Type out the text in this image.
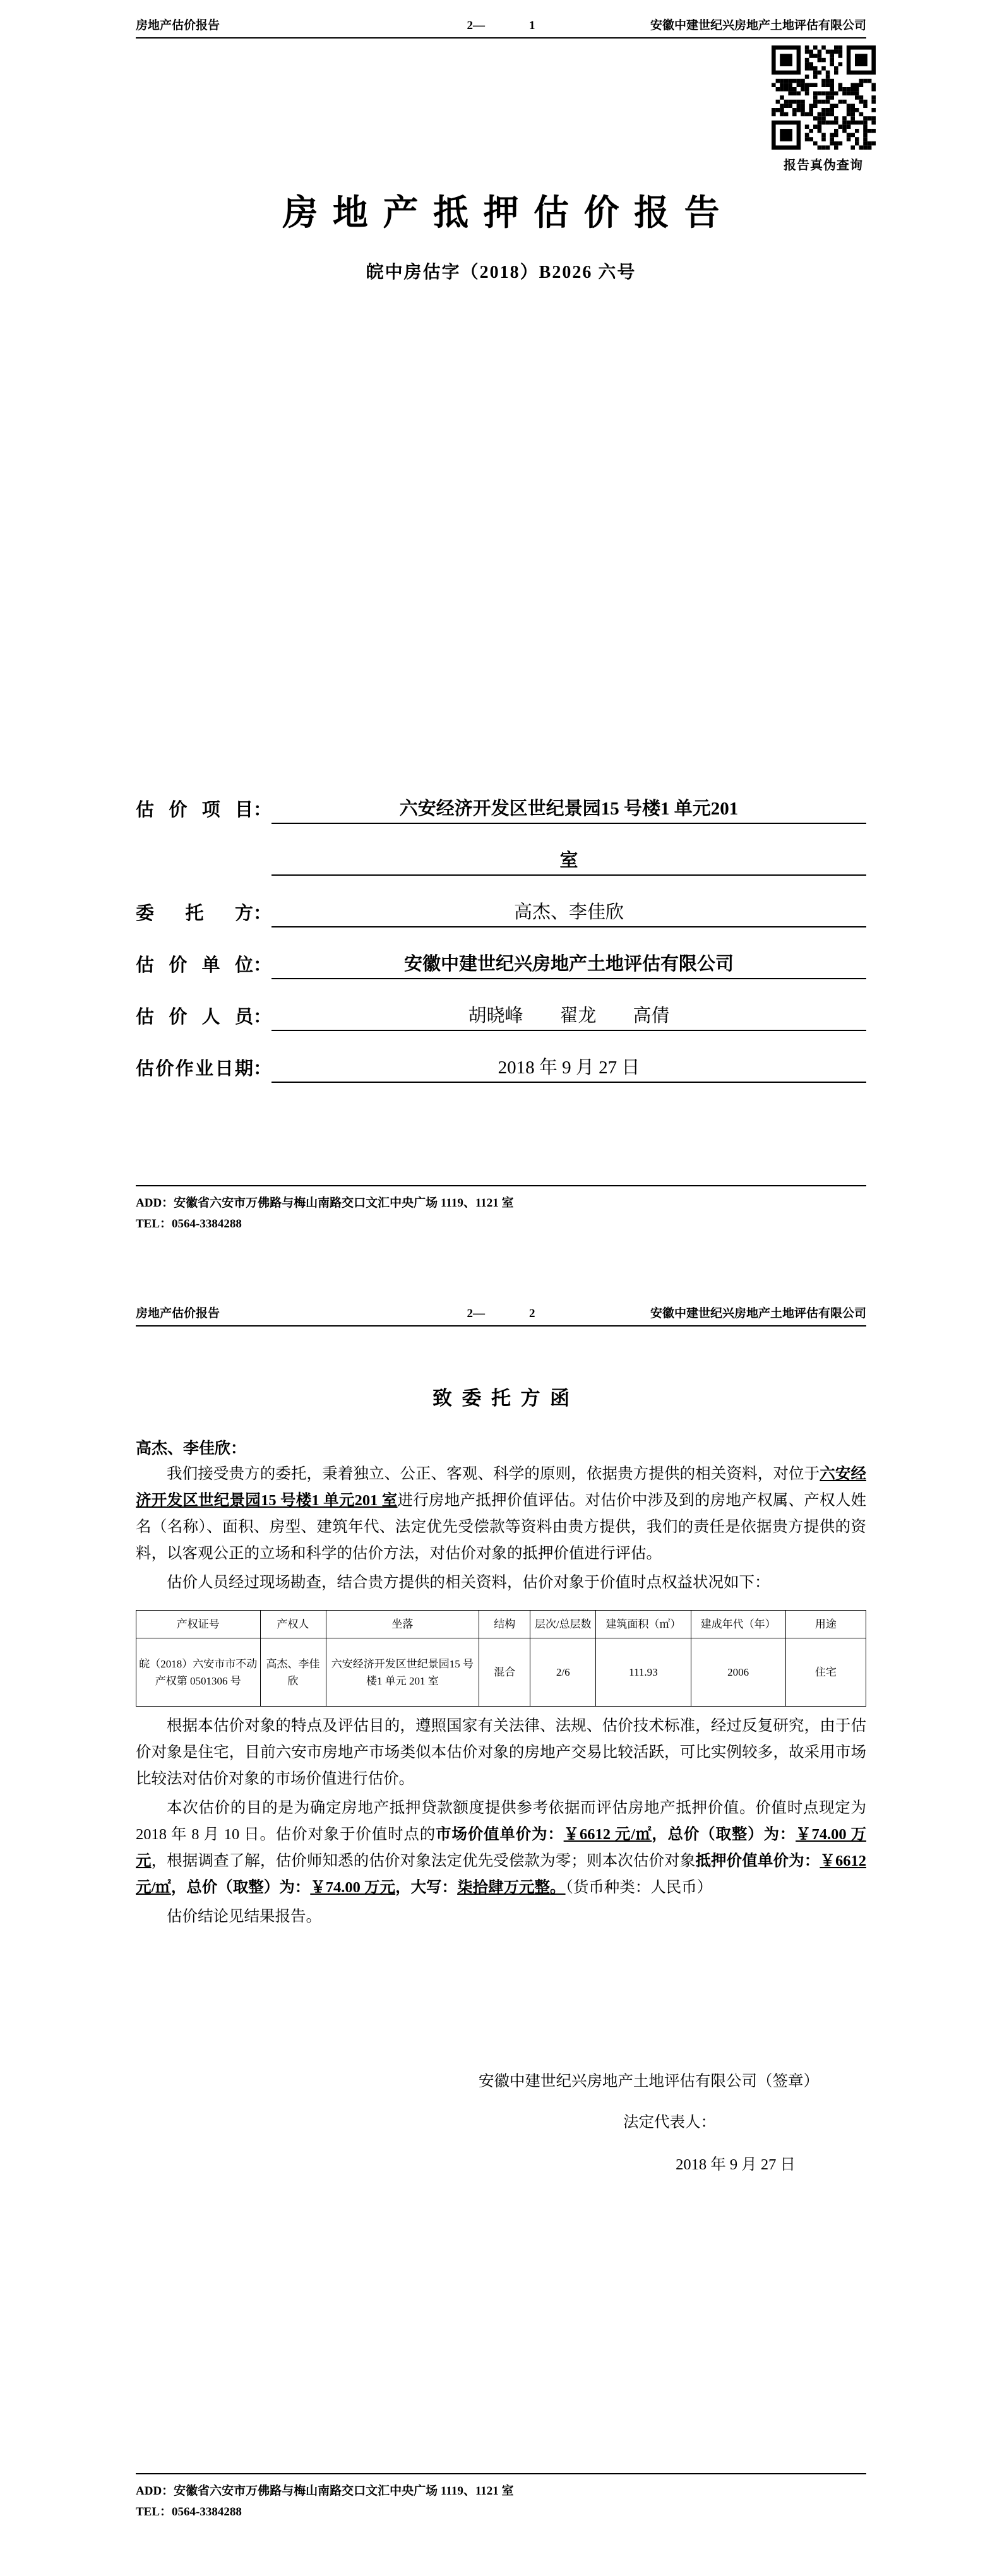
房地产估价报告	2—	1	安徽中建世纪兴房地产土地评估有限公司
报告真伪查询
房地产抵押估价报告
皖中房估字（2018）B2026 六号
估价项目 ：	六安经济开发区世纪景园15 号楼1 单元201
室
委托方 ：	高杰、李佳欣
估价单位 ：	安徽中建世纪兴房地产土地评估有限公司
估价人员 ：	胡晓峰　　翟龙　　高倩
估价作业日期 ：	2018 年 9 月 27 日
ADD：安徽省六安市万佛路与梅山南路交口文汇中央广场 1119、1121 室
TEL：0564-3384288
房地产估价报告	2—	2	安徽中建世纪兴房地产土地评估有限公司
致委托方函
高杰、李佳欣：

我们接受贵方的委托，秉着独立、公正、客观、科学的原则，依据贵方提供的相关资料，对位于六安经济开发区世纪景园15 号楼1 单元201 室进行房地产抵押价值评估。对估价中涉及到的房地产权属、产权人姓名（名称）、面积、房型、建筑年代、法定优先受偿款等资料由贵方提供，我们的责任是依据贵方提供的资料，以客观公正的立场和科学的估价方法，对估价对象的抵押价值进行评估。

估价人员经过现场勘查，结合贵方提供的相关资料，估价对象于价值时点权益状况如下：

产权证号	产权人	坐落	结构	层次/总层数	建筑面积（㎡）	建成年代（年）	用途
皖（2018）六安市市不动产权第 0501306 号	高杰、李佳欣	六安经济开发区世纪景园15 号楼1 单元 201 室	混合	2/6	111.93	2006	住宅

根据本估价对象的特点及评估目的，遵照国家有关法律、法规、估价技术标准，经过反复研究，由于估价对象是住宅，目前六安市房地产市场类似本估价对象的房地产交易比较活跃，可比实例较多，故采用市场比较法对估价对象的市场价值进行估价。

本次估价的目的是为确定房地产抵押贷款额度提供参考依据而评估房地产抵押价值。价值时点现定为 2018 年 8 月 10 日。估价对象于价值时点的市场价值单价为：￥6612 元/㎡，总价（取整）为：￥74.00 万元，根据调查了解，估价师知悉的估价对象法定优先受偿款为零；则本次估价对象抵押价值单价为：￥6612 元/㎡，总价（取整）为：￥74.00 万元，大写：柒拾肆万元整。（货币种类：人民币）

估价结论见结果报告。

安徽中建世纪兴房地产土地评估有限公司（签章）
法定代表人：
2018 年 9 月 27 日
ADD：安徽省六安市万佛路与梅山南路交口文汇中央广场 1119、1121 室
TEL：0564-3384288
